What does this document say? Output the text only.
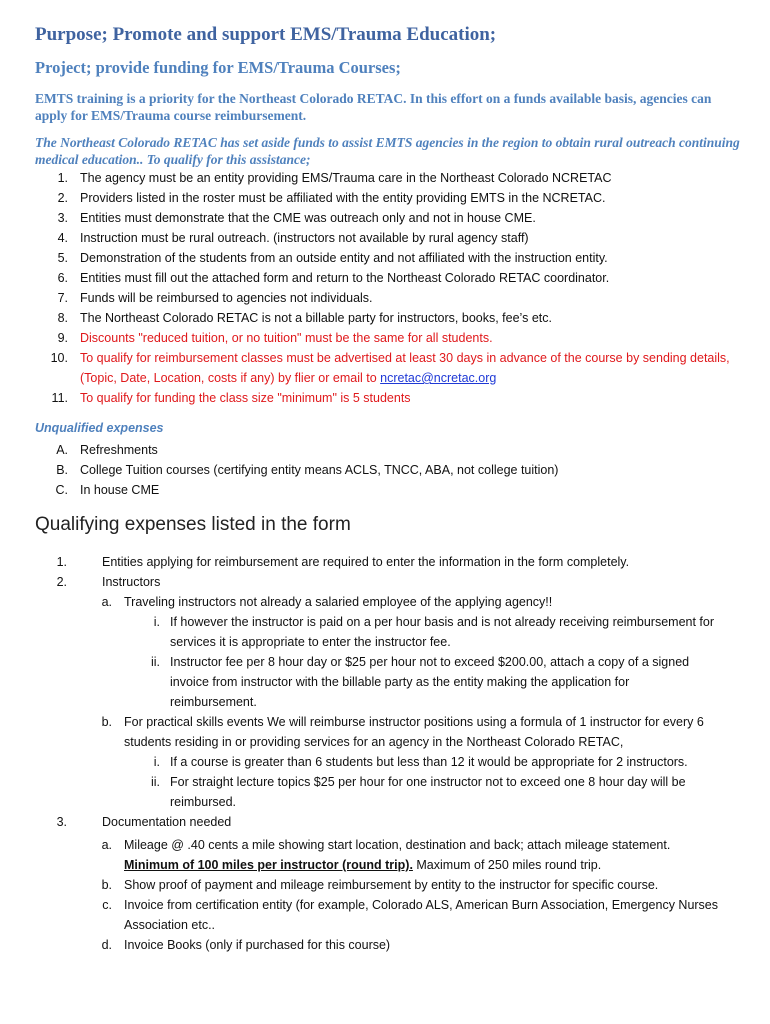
Purpose; Promote and support EMS/Trauma Education;
Project; provide funding for EMS/Trauma Courses;
EMTS training is a priority for the Northeast Colorado RETAC. In this effort on a funds available basis, agencies can apply for EMS/Trauma course reimbursement.
The Northeast Colorado RETAC has set aside funds to assist EMTS agencies in the region to obtain rural outreach continuing medical education.. To qualify for this assistance;
1. The agency must be an entity providing EMS/Trauma care in the Northeast Colorado NCRETAC
2. Providers listed in the roster must be affiliated with the entity providing EMTS in the NCRETAC.
3. Entities must demonstrate that the CME was outreach only and not in house CME.
4. Instruction must be rural outreach. (instructors not available by rural agency staff)
5. Demonstration of the students from an outside entity and not affiliated with the instruction entity.
6. Entities must fill out the attached form and return to the Northeast Colorado RETAC coordinator.
7. Funds will be reimbursed to agencies not individuals.
8. The Northeast Colorado RETAC is not a billable party for instructors, books, fee’s etc.
9. Discounts "reduced tuition, or no tuition" must be the same for all students.
10. To qualify for reimbursement classes must be advertised at least 30 days in advance of the course by sending details,(Topic, Date, Location, costs if any) by flier or email to ncretac@ncretac.org
11. To qualify for funding the class size "minimum" is 5 students
Unqualified expenses
A. Refreshments
B. College Tuition courses (certifying entity means ACLS, TNCC, ABA, not college tuition)
C. In house CME
Qualifying expenses listed in the form
1.	Entities applying for reimbursement are required to enter the information in the form completely.
2.	Instructors
a. Traveling instructors not already a salaried employee of the applying agency!!
i. If however the instructor is paid on a per hour basis and is not already receiving reimbursement for
services it is appropriate to enter the instructor fee.
ii. Instructor fee per 8 hour day or $25 per hour not to exceed $200.00, attach a copy of a signed
invoice from instructor with the billable party as the entity making the application for
reimbursement.
b. For practical skills events We will reimburse instructor positions using a formula of 1 instructor for every 6
students residing in or providing services for an agency in the Northeast Colorado RETAC,
i. If a course is greater than 6 students but less than 12 it would be appropriate for 2 instructors.
ii. For straight lecture topics $25 per hour for one instructor not to exceed one 8 hour day will be
reimbursed.
3.	Documentation needed
a. Mileage @ .40 cents a mile showing start location, destination and back; attach mileage statement.
Minimum of 100 miles per instructor (round trip). Maximum of 250 miles round trip.
b. Show proof of payment and mileage reimbursement by entity to the instructor for specific course.
c. Invoice from certification entity (for example, Colorado ALS, American Burn Association, Emergency Nurses
Association etc..
d. Invoice Books (only if purchased for this course)
